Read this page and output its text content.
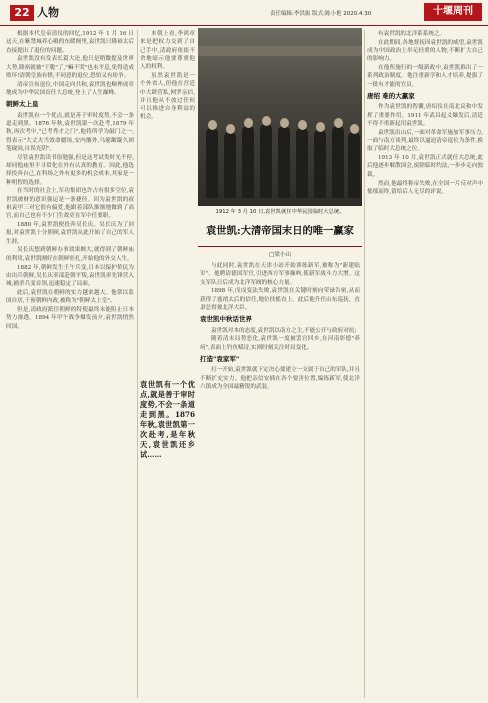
22 人物	责任编辑:李洪振 版式:陈小艳 2020.4.30	十堰周刊

根据本代皇帝清仪的回忆,1912 年 1 月 16 日这天,在紫禁城养心殿的东暖阁里,袁世凯只隆裕太后直接提出了退位的问题。

袁世凯没有发表长篇大论,他只是稍微提及世界大势,隆裕就被"干脆"了,"嘛不哭"也未平息,免得造成败坏!清朝皇族有愤,不同意的退位,恐怕又有纷争。

清帝宣布退位,中国走向共和,袁世凯也顺理成章地成为中华民国首任大总统,登上了人生巅峰。

朝鲜太上皇

袁世凯有一个优点,就是善于审时度势,不会一条道走到黑。1876 年秋,袁世凯第一次赴考,1879 年秋,再次考中,"已考秀才之门",他将所学为敲门之一,得表示"大丈夫当效命疆场,安内攘外,乌能龌龊久困笔砚间,自误光阴"。

尽管袁世凯读书很勉强,但是这考试类时光不停,却同他庙里不寻常化在外有认真的教育。因此,他选择投奔自己,在科场之外有更多的机会成本,其家是一种明智的选择。

在当时的社会上,军功集团也许占有很多空位,袁世凯被财的意识强运是一条捷径。因为袁世凯的叔祖袁甲三对它很有偏爱,他跟着部队渐渐地做到了高官,而自己也有不少门生故吏在军中任要职。

1880 年,袁世凯便投奔吴长庆。吴长庆为了回报,对袁世凯十分照顾,袁世凯从此开始了自己的军人生涯。

吴长庆想到朝鲜办事效果颇大,就得到了朝鲜庙的利用,袁世凯刚好在朝鲜驻扎,开始他的外交人生。

1882 年,朝鲜发生壬午兵变,日本以保护侨民为由出兵朝鲜,吴长庆率部赴朝平叛,袁世凯率先锋营入城,捕杀兵变首领,迅速稳定了局面。

此后,袁世凯在朝鲜的实力越来越大。他常以监国自居,干预朝鲜内政,被称为"朝鲜太上皇"。

但是,清政府派往朝鲜的特使最终未能阻止日本势力渗透。1894 年甲午战争爆发前夕,袁世凯悄然回国。

本朝上看,李鸿章来是把权力交到了自己手中,清政府依依不舍地暗示他要尊重他人的权利。

虽然袁世凯是一个外省人,但他在宫廷中大肆营私,网罗亲信,并且他从不放过任何可以推进自身利益的机会。

1912 年 3 月 10 日,袁世凯就任中华民国临时大总统。
袁世凯:大清帝国末日的唯一赢家
□梁小山

与此同时,袁世凯在天津小站开始训练新军,被称为"新建陆军"。他聘请德国军官,引进西方军事操典,使新军战斗力大增。这支军队日后成为北洋军阀的核心力量。

1898 年,戊戌变法失败,袁世凯在关键时刻向荣禄告密,从而获得了慈禧太后的信任,地位扶摇直上。此后他升任山东巡抚、直隶总督兼北洋大臣。

袁世凯中秋话世界

袁世凯对本的态度,袁世凯以南方之主,不能公开与政府对抗;

随着清末局势恶化,袁世凯一度被罢官回乡,在河南彰德"养疴",表面上钓鱼赋诗,实则时刻关注时局变化。

打造"袁家军"

打一开始,袁世凯就下定决心要建立一支属于自己的军队,并且不断扩充实力。他把亲信安插在各个要害位置,编练新军,使北洋六镇成为全国最精锐的武装。

袁世凯有一个优点,就是善于审时度势,不会一条道走到黑。1876 年秋,袁世凯第一次赴考,是年秋天,袁世凯还乡试……

有袁世凯的北洋系系统之。

在此期间,各地督抚因袁世凯的威望,袁世凯成为中国政治上举足轻重的人物,不断扩大自己的影响力。

在他所施行的一级新政中,袁世凯推出了一系列政治制度。他注重新学和人才培养,提拔了一批有才能的官员。

唐绍 难的大赢家

作为袁世凯的智囊,唐绍仪在南北议和中发挥了重要作用。1911 年武昌起义爆发后,清廷不得不重新起用袁世凯。

袁世凯出山后,一面对革命军施加军事压力,一面与南方谈判,最终以逼迫清帝退位为条件,换取了临时大总统之位。

1913 年 10 月,袁世凯正式就任大总统,此后他逐步解散国会,废除临时约法,一步步走向独裁。

然而,他最终称帝失败,在全国一片反对声中郁郁而终,留给后人无尽的评说。
